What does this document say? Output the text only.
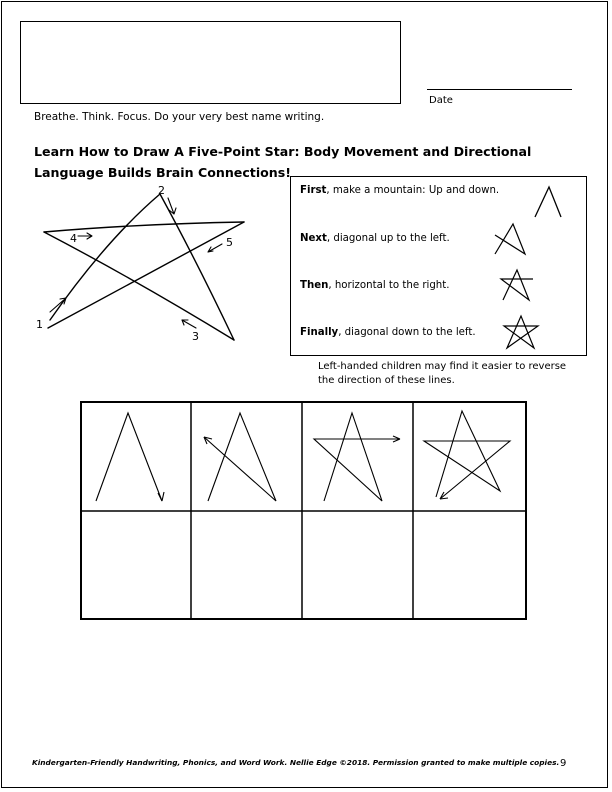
Date
Breathe. Think. Focus. Do your very best name writing.
Learn How to Draw A Five-Point Star: Body Movement and Directional Language Builds Brain Connections!
1
2
3
4	5
First, make a mountain: Up and down.
Next, diagonal up to the left.
Then, horizontal to the right.
Finally, diagonal down to the left.
Left-handed children may find it easier to reverse the direction of these lines.
Kindergarten-Friendly Handwriting, Phonics, and Word Work. Nellie Edge ©2018. Permission granted to make multiple copies. 9
